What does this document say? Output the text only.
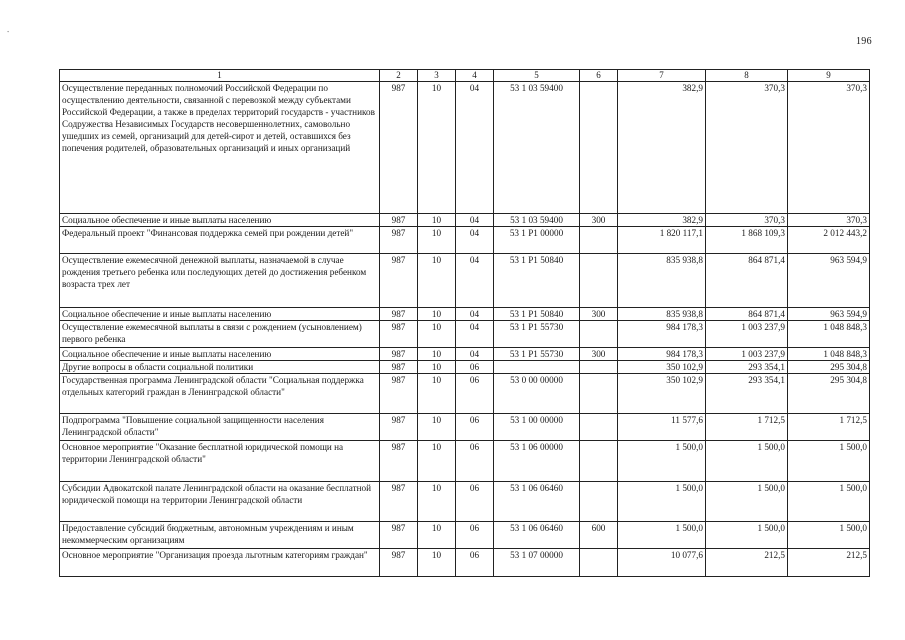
⠐
196
1	2	3	4	5	6	7	8	9
Осуществление переданных полномочий Российской Федерации по осуществлению деятельности, связанной с перевозкой между субъектами Российской Федерации, а также в пределах территорий государств - участников Содружества Независимых Государств несовершеннолетних, самовольно ушедших из семей, организаций для детей-сирот и детей, оставшихся без попечения родителей, образовательных организаций и иных организаций	987	10	04	53 1 03 59400		382,9	370,3	370,3
Социальное обеспечение и иные выплаты населению	987	10	04	53 1 03 59400	300	382,9	370,3	370,3
Федеральный проект "Финансовая поддержка семей при рождении детей"	987	10	04	53 1 P1 00000		1 820 117,1	1 868 109,3	2 012 443,2
Осуществление ежемесячной денежной выплаты, назначаемой в случае рождения третьего ребенка или последующих детей до достижения ребенком возраста трех лет	987	10	04	53 1 P1 50840		835 938,8	864 871,4	963 594,9
Социальное обеспечение и иные выплаты населению	987	10	04	53 1 P1 50840	300	835 938,8	864 871,4	963 594,9
Осуществление ежемесячной выплаты в связи с рождением (усыновлением) первого ребенка	987	10	04	53 1 P1 55730		984 178,3	1 003 237,9	1 048 848,3
Социальное обеспечение и иные выплаты населению	987	10	04	53 1 P1 55730	300	984 178,3	1 003 237,9	1 048 848,3
Другие вопросы в области социальной политики	987	10	06			350 102,9	293 354,1	295 304,8
Государственная программа Ленинградской области "Социальная поддержка отдельных категорий граждан в Ленинградской области"	987	10	06	53 0 00 00000		350 102,9	293 354,1	295 304,8
Подпрограмма "Повышение социальной защищенности населения Ленинградской области"	987	10	06	53 1 00 00000		11 577,6	1 712,5	1 712,5
Основное мероприятие "Оказание бесплатной юридической помощи на территории Ленинградской области"	987	10	06	53 1 06 00000		1 500,0	1 500,0	1 500,0
Субсидии Адвокатской палате Ленинградской области на оказание бесплатной юридической помощи на территории Ленинградской области	987	10	06	53 1 06 06460		1 500,0	1 500,0	1 500,0
Предоставление субсидий бюджетным, автономным учреждениям и иным некоммерческим организациям	987	10	06	53 1 06 06460	600	1 500,0	1 500,0	1 500,0
Основное мероприятие "Организация проезда льготным категориям граждан"	987	10	06	53 1 07 00000		10 077,6	212,5	212,5
